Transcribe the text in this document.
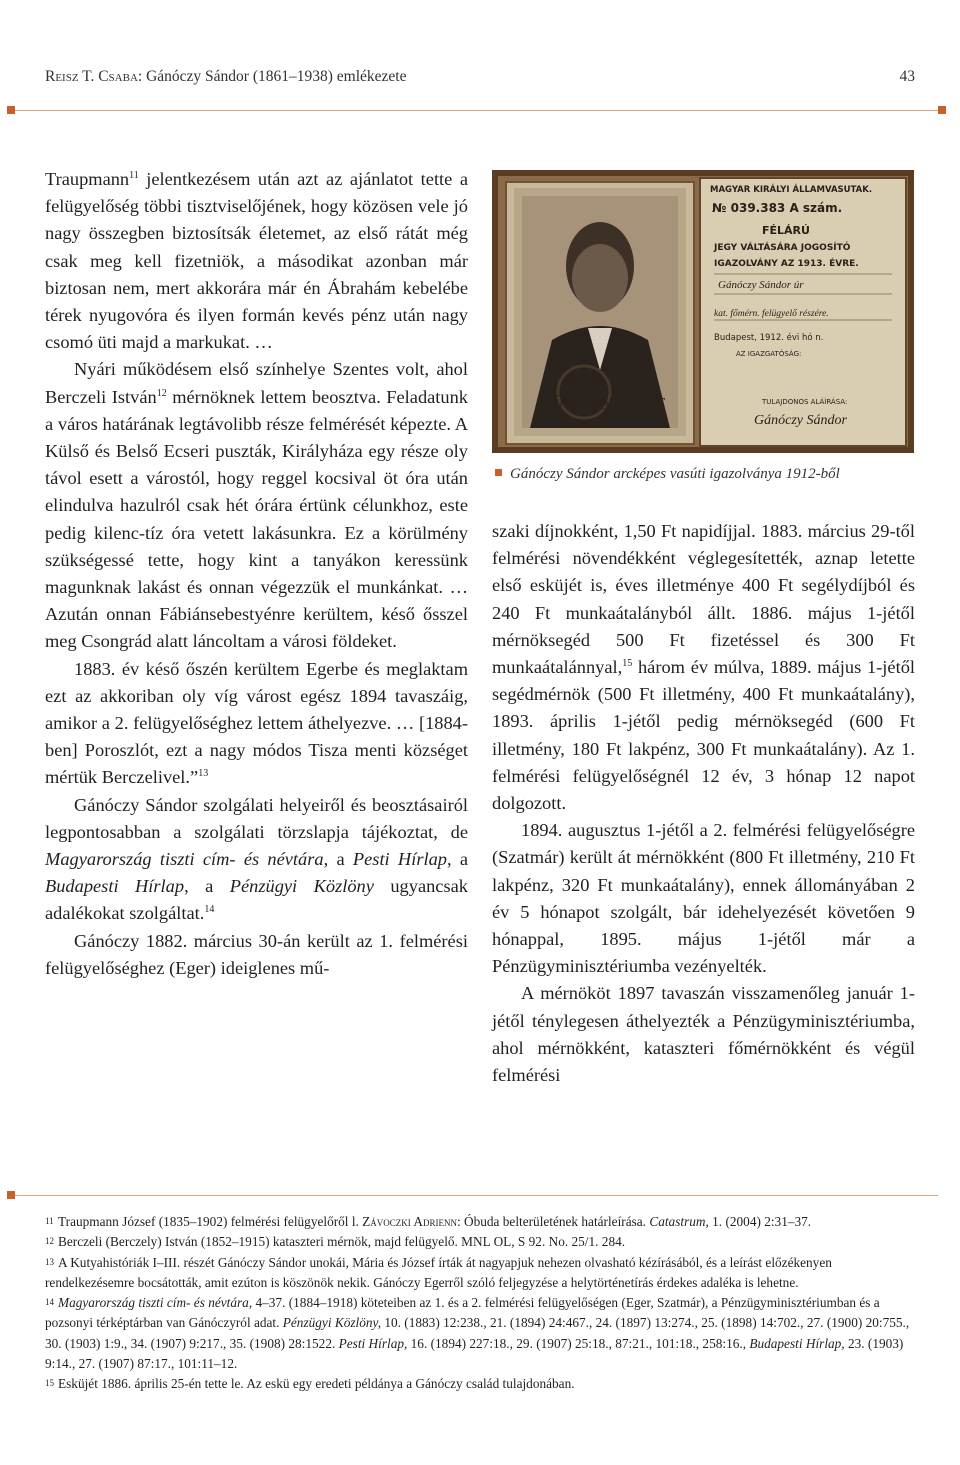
Reisz T. Csaba: Gánóczy Sándor (1861–1938) emlékezete	43

Traupmann$^{11}$ jelentkezésem után azt az ajánlatot tette a felügyelőség többi tisztviselőjének, hogy közösen vele jó nagy összegben biztosítsák életemet, az első rátát még csak meg kell fizetniök, a másodikat azonban már biztosan nem, mert akkorára már én Ábrahám kebelébe térek nyugovóra és ilyen formán kevés pénz után nagy csomó üti majd a markukat. …

Nyári működésem első színhelye Szentes volt, ahol Berczeli István$^{12}$ mérnöknek lettem beosztva. Feladatunk a város határának legtávolibb része felmérését képezte. A Külső és Belső Ecseri puszták, Királyháza egy része oly távol esett a várostól, hogy reggel kocsival öt óra után elindulva hazulról csak hét órára értünk célunkhoz, este pedig kilenc-tíz óra vetett lakásunkra. Ez a körülmény szükségessé tette, hogy kint a tanyákon keressünk magunknak lakást és onnan végezzük el munkánkat. … Azután onnan Fábiánsebestyénre kerültem, késő ősszel meg Csongrád alatt láncoltam a városi földeket.

1883. év késő őszén kerültem Egerbe és meglaktam ezt az akkoriban oly víg várost egész 1894 tavaszáig, amikor a 2. felügyelőséghez lettem áthelyezve. … [1884-ben] Poroszlót, ezt a nagy módos Tisza menti községet mértük Berczelivel.”$^{13}$

Gánóczy Sándor szolgálati helyeiről és beosztásairól legpontosabban a szolgálati törzslapja tájékoztat, de Magyarország tiszti cím- és névtára, a Pesti Hírlap, a Budapesti Hírlap, a Pénzügyi Közlöny ugyancsak adalékokat szolgáltat.$^{14}$

Gánóczy 1882. március 30-án került az 1. felmérési felügyelőséghez (Eger) ideiglenes mű-

Gánóczy Sándor
MAGYAR KIRÁLYI ÁLLAMVASUTAK.
№ 039.383 A szám.
FÉLÁRÚ
JEGY VÁLTÁSÁRA JOGOSÍTÓ
IGAZOLVÁNY AZ 1913. ÉVRE.
Gánóczy Sándor úr
kat. főmérn. felügyelő részére.
Budapest, 1912. évi hó n.
AZ IGAZGATÓSÁG:
TULAJDONOS ALÁÍRÁSA:
Gánóczy Sándor
Gánóczy Sándor arcképes vasúti igazolványa 1912-ből

szaki díjnokként, 1,50 Ft napidíjjal. 1883. március 29-től felmérési növendékként véglegesítették, aznap letette első esküjét is, éves illetménye 400 Ft segélydíjból és 240 Ft munkaátalányból állt. 1886. május 1-jétől mérnöksegéd 500 Ft fizetéssel és 300 Ft munkaátalánnyal,$^{15}$ három év múlva, 1889. május 1-jétől segédmérnök (500 Ft illetmény, 400 Ft munkaátalány), 1893. április 1-jétől pedig mérnöksegéd (600 Ft illetmény, 180 Ft lakpénz, 300 Ft munkaátalány). Az 1. felmérési felügyelőségnél 12 év, 3 hónap 12 napot dolgozott.

1894. augusztus 1-jétől a 2. felmérési felügyelőségre (Szatmár) került át mérnökként (800 Ft illetmény, 210 Ft lakpénz, 320 Ft munkaátalány), ennek állományában 2 év 5 hónapot szolgált, bár idehelyezését követően 9 hónappal, 1895. május 1-jétől már a Pénzügyminisztériumba vezényelték.

A mérnököt 1897 tavaszán visszamenőleg január 1-jétől ténylegesen áthelyezték a Pénzügyminisztériumba, ahol mérnökként, kataszteri főmérnökként és végül felmérési

11 Traupmann József (1835–1902) felmérési felügyelőről l. Závoczki Adrienn: Óbuda belterületének határleírása. Catastrum, 1. (2004) 2:31–37.

12 Berczeli (Berczely) István (1852–1915) kataszteri mérnök, majd felügyelő. MNL OL, S 92. No. 25/1. 284.

13 A Kutyahistóriák I–III. részét Gánóczy Sándor unokái, Mária és József írták át nagyapjuk nehezen olvasható kézírásából, és a leírást előzékenyen rendelkezésemre bocsátották, amit ezúton is köszönök nekik. Gánóczy Egerről szóló feljegyzése a helytörténetírás érdekes adaléka is lehetne.

14 Magyarország tiszti cím- és névtára, 4–37. (1884–1918) köteteiben az 1. és a 2. felmérési felügyelőségen (Eger, Szatmár), a Pénzügyminisztériumban és a pozsonyi térképtárban van Gánóczyról adat. Pénzügyi Közlöny, 10. (1883) 12:238., 21. (1894) 24:467., 24. (1897) 13:274., 25. (1898) 14:702., 27. (1900) 20:755., 30. (1903) 1:9., 34. (1907) 9:217., 35. (1908) 28:1522. Pesti Hírlap, 16. (1894) 227:18., 29. (1907) 25:18., 87:21., 101:18., 258:16., Budapesti Hírlap, 23. (1903) 9:14., 27. (1907) 87:17., 101:11–12.

15 Esküjét 1886. április 25-én tette le. Az eskü egy eredeti példánya a Gánóczy család tulajdonában.
